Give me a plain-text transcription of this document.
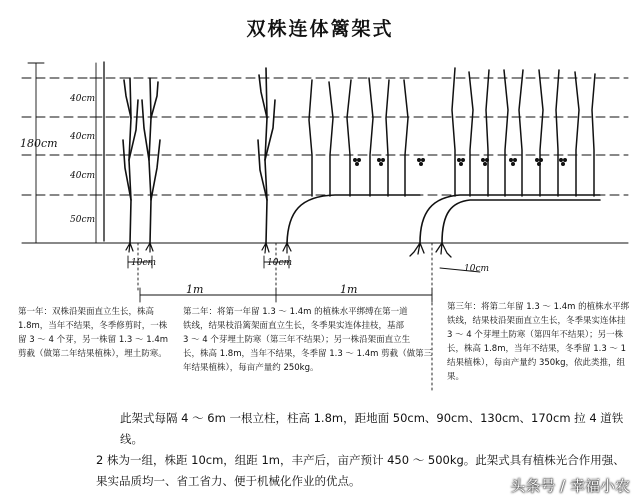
双株连体篱架式
180cm
40cm
40cm
40cm
50cm
10cm	10cm
10cm
1m	1m
第一年：双株沿架面直立生长，株高
1.8m，当年不结果，冬季修剪时，一株
留 3 ～ 4 个芽，另一株留 1.3 ～ 1.4m
剪截（做第二年结果植株），埋土防寒。
第二年：将第一年留 1.3 ～ 1.4m 的植株水平绑缚在第一道
铁线，结果枝沿篱架面直立生长，冬季果实连体挂枝，基部
3 ～ 4 个芽埋土防寒（第三年不结果）；另一株沿架面直立生
长，株高 1.8m，当年不结果，冬季留 1.3 ～ 1.4m 剪截（做第三
年结果植株），每亩产量约 250kg。
第三年：将第二年留 1.3 ～ 1.4m 的植株水平绑
铁线，结果枝沿架面直立生长，冬季果实连体挂
3 ～ 4 个芽埋土防寒（第四年不结果）；另一株
长，株高 1.8m，当年不结果，冬季留 1.3 ～ 1
结果植株），每亩产量约 350kg，依此类推，组
果。

此架式每隔 4 ～ 6m 一根立柱，柱高 1.8m，距地面 50cm、90cm、130cm、170cm 拉 4 道铁线。

2 株为一组，株距 10cm，组距 1m，丰产后，亩产预计 450 ～ 500kg。此架式具有植株光合作用强、

果实品质均一、省工省力、便于机械化作业的优点。	头条号 / 幸福小农
